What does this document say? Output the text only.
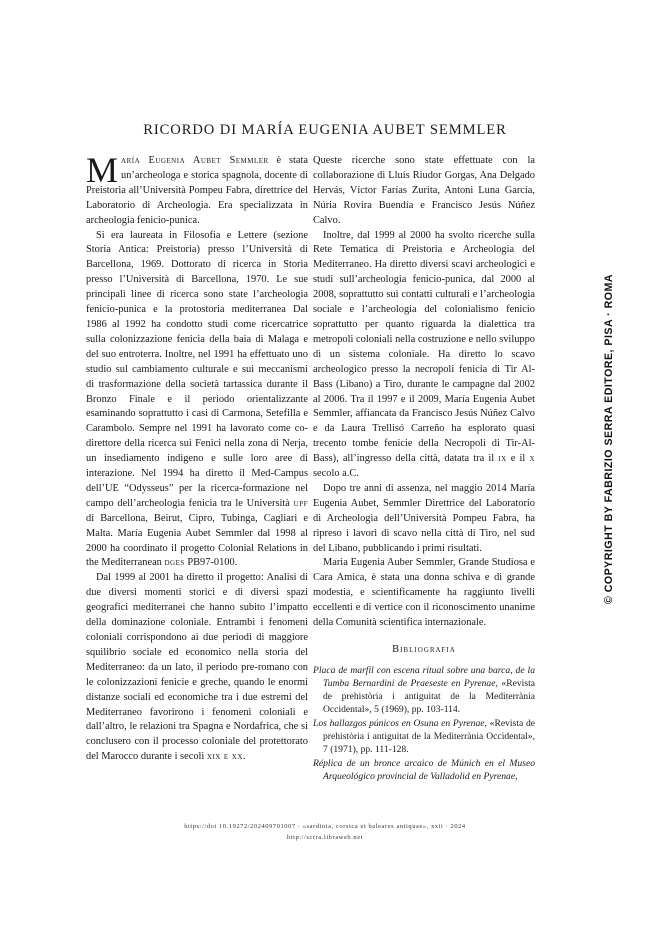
RICORDO DI MARÍA EUGENIA AUBET SEMMLER

María Eugenia Aubet Semmler è stata un’archeologa e storica spagnola, docente di Preistoria all’Università Pompeu Fabra, direttrice del Laboratorio di Archeologia. Era specializzata in archeologia fenicio-punica.

Si era laureata in Filosofia e Lettere (sezione Storia Antica: Preistoria) presso l’Università di Barcellona, 1969. Dottorato di ricerca in Storia presso l’Università di Barcellona, 1970. Le sue principali linee di ricerca sono state l’archeologia fenicio-punica e la protostoria mediterranea Dal 1986 al 1992 ha condotto studi come ricercatrice sulla colonizzazione fenicia della baia di Malaga e del suo entroterra. Inoltre, nel 1991 ha effettuato uno studio sul cambiamento culturale e sui meccanismi di trasformazione della società tartassica durante il Bronzo Finale e il periodo orientalizzante esaminando soprattutto i casi di Carmona, Setefilla e Carambolo. Sempre nel 1991 ha lavorato come co-direttore della ricerca sui Fenici nella zona di Nerja, un insediamento indigeno e sulle loro aree di interazione. Nel 1994 ha diretto il Med-Campus dell’UE “Odysseus” per la ricerca-formazione nel campo dell’archeologia fenicia tra le Università upf di Barcellona, Beirut, Cipro, Tubinga, Cagliari e Malta. María Eugenia Aubet Semmler dal 1998 al 2000 ha coordinato il progetto Colonial Relations in the Mediterranean dges PB97-0100.

Dal 1999 al 2001 ha diretto il progetto: Analisi di due diversi momenti storici e di diversi spazi geografici mediterranei che hanno subito l’impatto della dominazione coloniale. Entrambi i fenomeni coloniali corrispondono ai due periodi di maggiore squilibrio sociale ed economico nella storia del Mediterraneo: da un lato, il periodo pre-romano con le colonizzazioni fenicie e greche, quando le enormi distanze sociali ed economiche tra i due estremi del Mediterraneo favorirono i fenomeni coloniali e dall’altro, le relazioni tra Spagna e Nordafrica, che si conclusero con il processo coloniale del protettorato del Marocco durante i secoli xix e xx.

Queste ricerche sono state effettuate con la collaborazione di Lluís Riudor Gorgas, Ana Delgado Hervás, Víctor Farías Zurita, Antoni Luna García, Núria Rovira Buendía e Francisco Jesús Núñez Calvo.

Inoltre, dal 1999 al 2000 ha svolto ricerche sulla Rete Tematica di Preistoria e Archeologia del Mediterraneo. Ha diretto diversi scavi archeologici e studi sull’archeologia fenicio-punica, dal 2000 al 2008, soprattutto sui contatti culturali e l’archeologia sociale e l’archeologia del colonialismo fenicio soprattutto per quanto riguarda la dialettica tra metropoli coloniali nella costruzione e nello sviluppo di un sistema coloniale. Ha diretto lo scavo archeologico presso la necropoli fenicia di Tir Al-Bass (Libano) a Tiro, durante le campagne dal 2002 al 2006. Tra il 1997 e il 2009, María Eugenia Aubet Semmler, affiancata da Francisco Jesús Núñez Calvo e da Laura Trellisó Carreño ha esplorato quasi trecento tombe fenicie della Necropoli di Tir-Al-Bass), all’ingresso della città, datata tra il ix e il x secolo a.C.

Dopo tre anni di assenza, nel maggio 2014 María Eugenia Aubet, Semmler Direttrice del Laboratorio di Archeologia dell’Università Pompeu Fabra, ha ripreso i lavori di scavo nella città di Tiro, nel sud del Libano, pubblicando i primi risultati.

Maria Eugenia Auber Semmler, Grande Studiosa e Cara Amica, è stata una donna schiva e di grande modestia, e scientificamente ha raggiunto livelli eccellenti e di vertice con il riconoscimento unanime della Comunità scientifica internazionale.

Bibliografia
Placa de marfil con escena ritual sobre una barca, de la Tumba Bernardini de Praeseste en Pyrenae, «Revista de prehistòria i antiguitat de la Mediterrània Occidental», 5 (1969), pp. 103-114.
Los hallazgos púnicos en Osuna en Pyrenae, «Revista de prehistòria i antiguitat de la Mediterrània Occidental», 7 (1971), pp. 111-128.
Réplica de un bronce arcaico de Múnich en el Museo Arqueológico provincial de Valladolid en Pyrenae,
https://doi 10.19272/202409701007 · «sardinia, corsica et baleares antiquae», xxii · 2024
http://scrra.libraweb.net
© COPYRIGHT BY FABRIZIO SERRA EDITORE, PISA · ROMA
